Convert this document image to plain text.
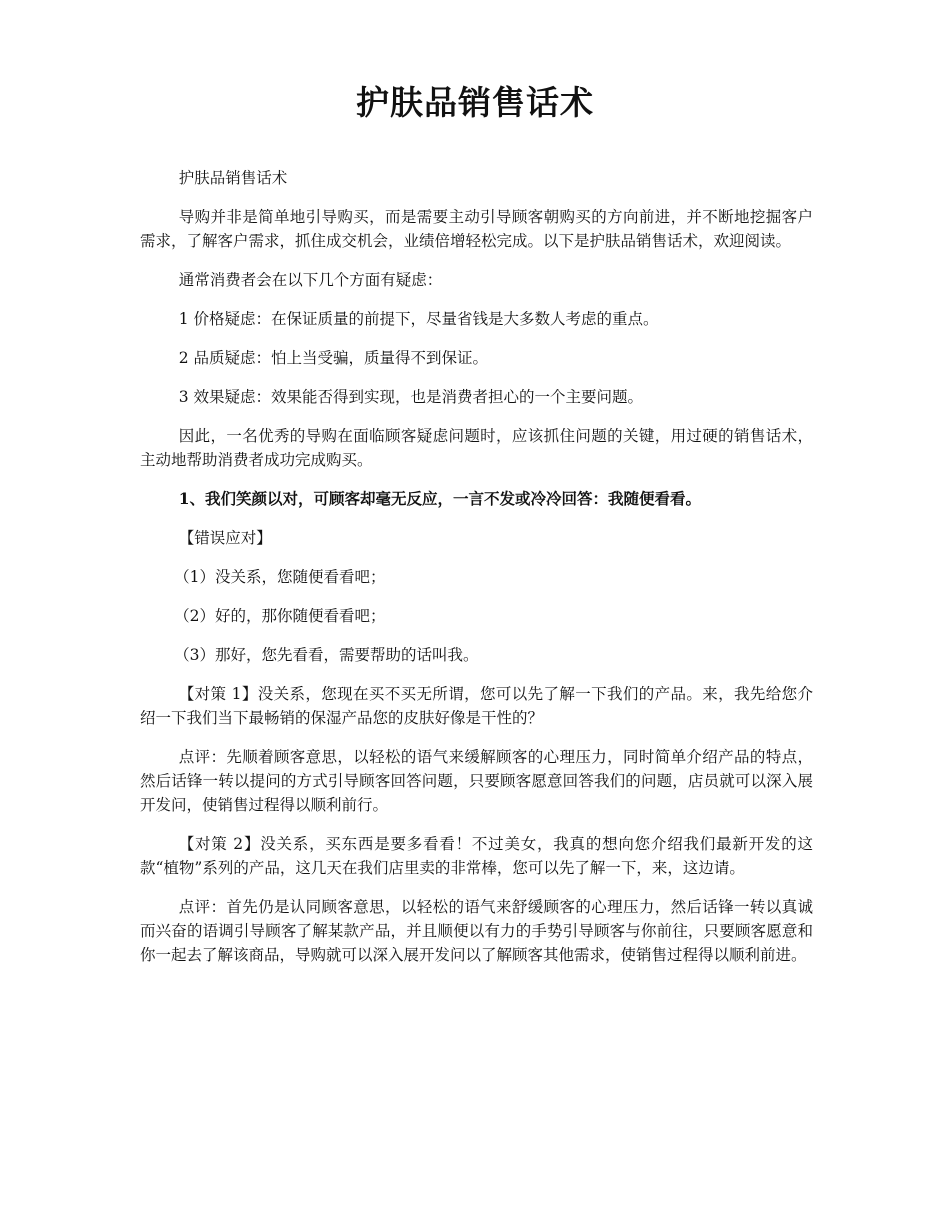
护肤品销售话术

护肤品销售话术

导购并非是简单地引导购买，而是需要主动引导顾客朝购买的方向前进，并不断地挖掘客户需求，了解客户需求，抓住成交机会，业绩倍增轻松完成。以下是护肤品销售话术，欢迎阅读。

通常消费者会在以下几个方面有疑虑：

1 价格疑虑：在保证质量的前提下，尽量省钱是大多数人考虑的重点。

2 品质疑虑：怕上当受骗，质量得不到保证。

3 效果疑虑：效果能否得到实现，也是消费者担心的一个主要问题。

因此，一名优秀的导购在面临顾客疑虑问题时，应该抓住问题的关键，用过硬的销售话术，主动地帮助消费者成功完成购买。

1、我们笑颜以对，可顾客却毫无反应，一言不发或冷冷回答：我随便看看。

【错误应对】

（1）没关系，您随便看看吧；

（2）好的，那你随便看看吧；

（3）那好，您先看看，需要帮助的话叫我。

【对策 1】没关系，您现在买不买无所谓，您可以先了解一下我们的产品。来，我先给您介绍一下我们当下最畅销的保湿产品您的皮肤好像是干性的？

点评：先顺着顾客意思，以轻松的语气来缓解顾客的心理压力，同时简单介绍产品的特点，然后话锋一转以提问的方式引导顾客回答问题，只要顾客愿意回答我们的问题，店员就可以深入展开发问，使销售过程得以顺利前行。

【对策 2】没关系，买东西是要多看看！不过美女，我真的想向您介绍我们最新开发的这款“植物”系列的产品，这几天在我们店里卖的非常棒，您可以先了解一下，来，这边请。

点评：首先仍是认同顾客意思，以轻松的语气来舒缓顾客的心理压力，然后话锋一转以真诚而兴奋的语调引导顾客了解某款产品，并且顺便以有力的手势引导顾客与你前往，只要顾客愿意和你一起去了解该商品，导购就可以深入展开发问以了解顾客其他需求，使销售过程得以顺利前进。
